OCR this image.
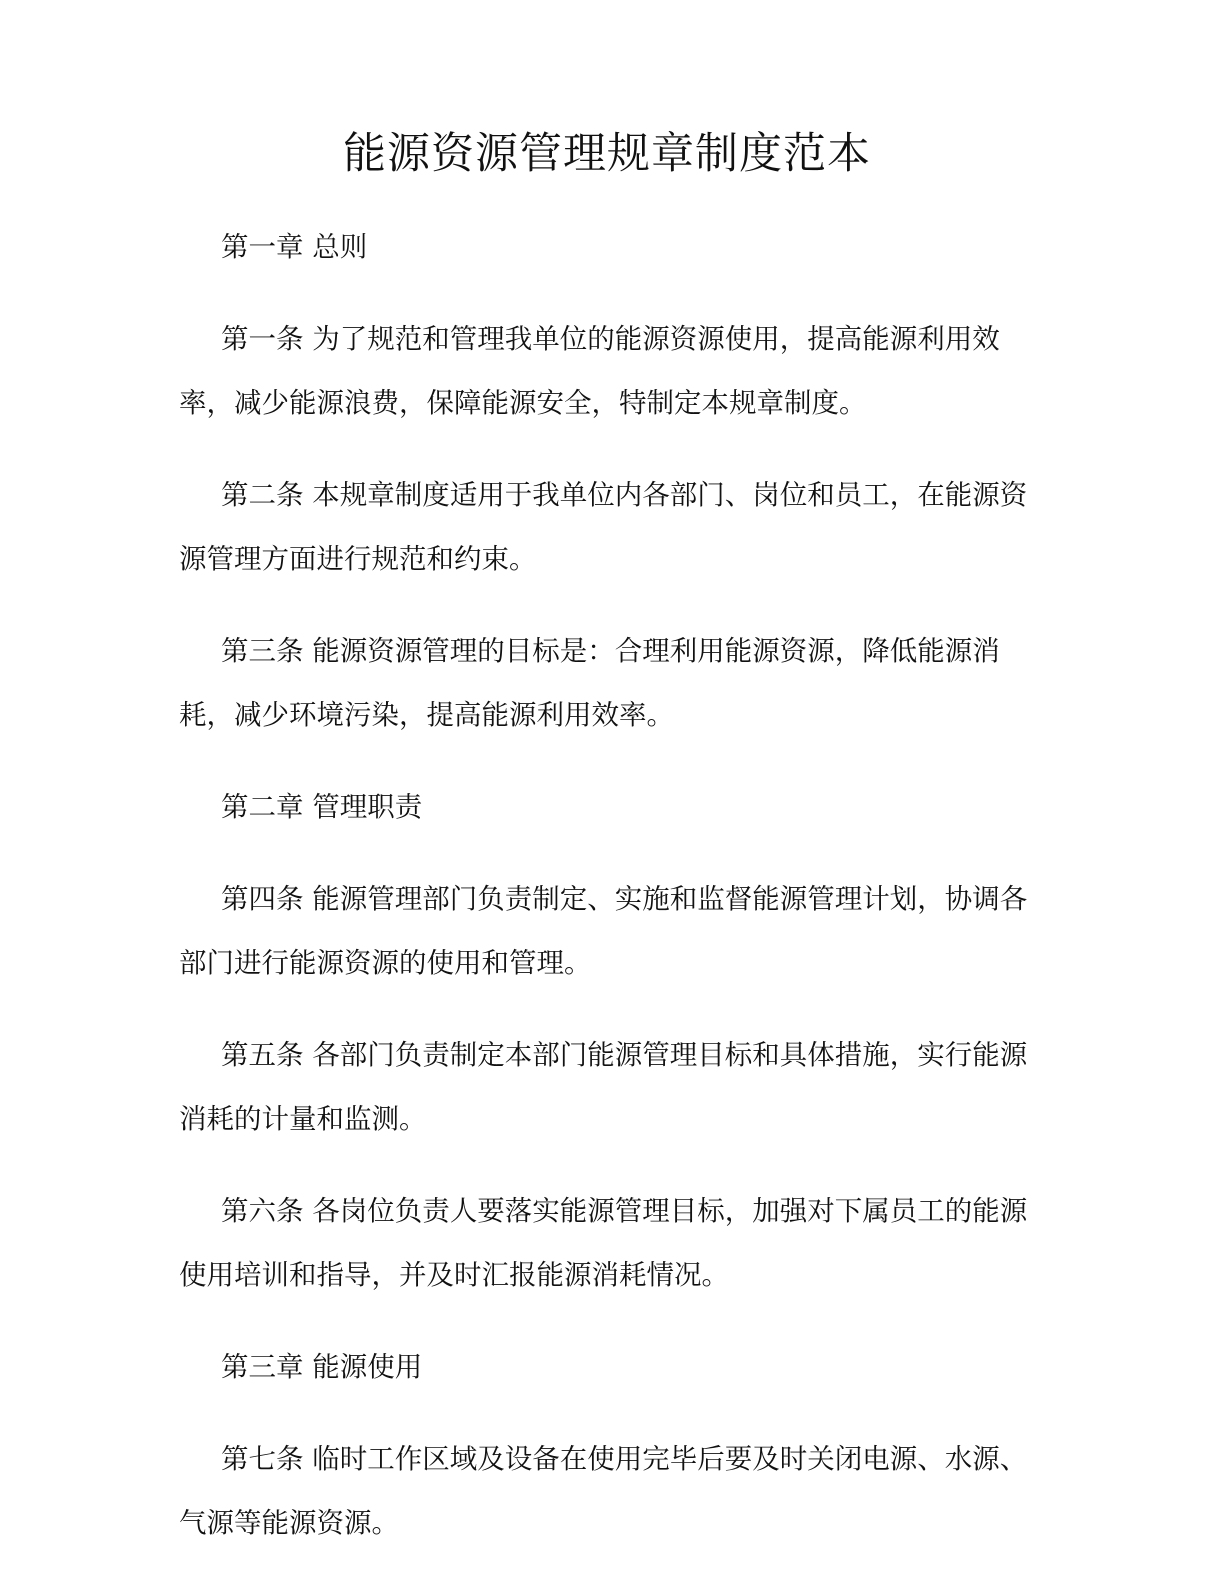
能源资源管理规章制度范本

第一章 总则

第一条 为了规范和管理我单位的能源资源使用，提高能源利用效率，减少能源浪费，保障能源安全，特制定本规章制度。

第二条 本规章制度适用于我单位内各部门、岗位和员工，在能源资源管理方面进行规范和约束。

第三条 能源资源管理的目标是：合理利用能源资源，降低能源消耗，减少环境污染，提高能源利用效率。

第二章 管理职责

第四条 能源管理部门负责制定、实施和监督能源管理计划，协调各部门进行能源资源的使用和管理。

第五条 各部门负责制定本部门能源管理目标和具体措施，实行能源消耗的计量和监测。

第六条 各岗位负责人要落实能源管理目标，加强对下属员工的能源使用培训和指导，并及时汇报能源消耗情况。

第三章 能源使用

第七条 临时工作区域及设备在使用完毕后要及时关闭电源、水源、气源等能源资源。
